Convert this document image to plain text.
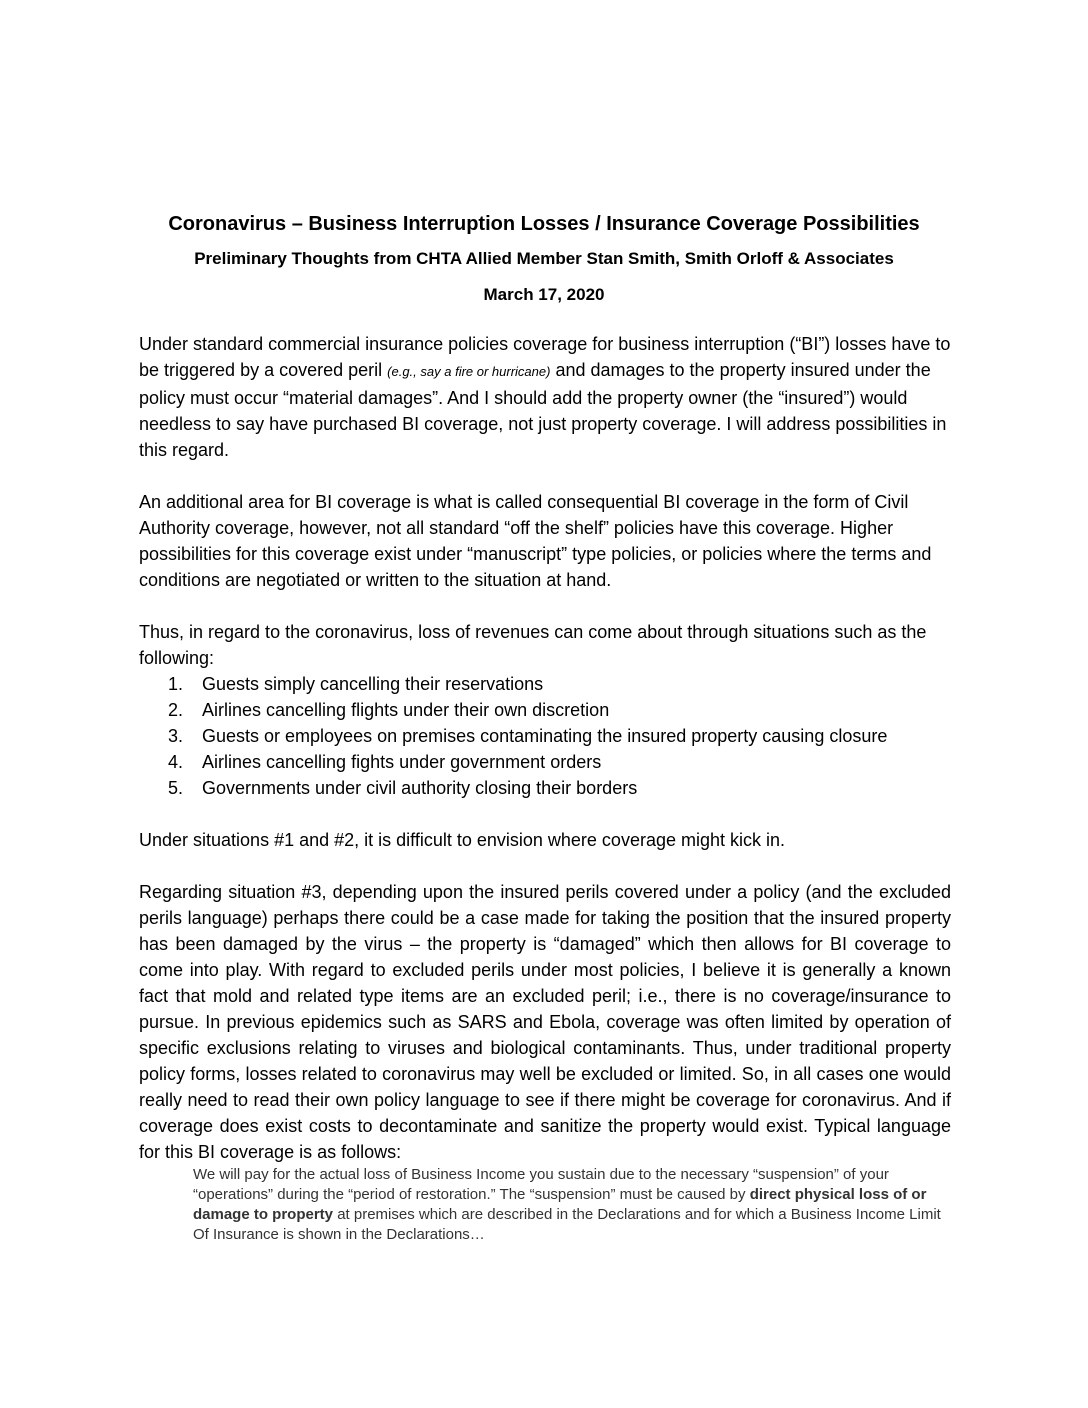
Coronavirus – Business Interruption Losses / Insurance Coverage Possibilities
Preliminary Thoughts from CHTA Allied Member Stan Smith, Smith Orloff & Associates
March 17, 2020

Under standard commercial insurance policies coverage for business interruption (“BI”) losses have to be triggered by a covered peril (e.g., say a fire or hurricane) and damages to the property insured under the policy must occur “material damages”. And I should add the property owner (the “insured”) would needless to say have purchased BI coverage, not just property coverage. I will address possibilities in this regard.

An additional area for BI coverage is what is called consequential BI coverage in the form of Civil Authority coverage, however, not all standard “off the shelf” policies have this coverage. Higher possibilities for this coverage exist under “manuscript” type policies, or policies where the terms and conditions are negotiated or written to the situation at hand.

Thus, in regard to the coronavirus, loss of revenues can come about through situations such as the following:

1. Guests simply cancelling their reservations
2. Airlines cancelling flights under their own discretion
3. Guests or employees on premises contaminating the insured property causing closure
4. Airlines cancelling fights under government orders
5. Governments under civil authority closing their borders

Under situations #1 and #2, it is difficult to envision where coverage might kick in.

Regarding situation #3, depending upon the insured perils covered under a policy (and the excluded perils language) perhaps there could be a case made for taking the position that the insured property has been damaged by the virus – the property is “damaged” which then allows for BI coverage to come into play. With regard to excluded perils under most policies, I believe it is generally a known fact that mold and related type items are an excluded peril; i.e., there is no coverage/insurance to pursue. In previous epidemics such as SARS and Ebola, coverage was often limited by operation of specific exclusions relating to viruses and biological contaminants. Thus, under traditional property policy forms, losses related to coronavirus may well be excluded or limited. So, in all cases one would really need to read their own policy language to see if there might be coverage for coronavirus. And if coverage does exist costs to decontaminate and sanitize the property would exist. Typical language for this BI coverage is as follows:

We will pay for the actual loss of Business Income you sustain due to the necessary “suspension” of your “operations” during the “period of restoration.” The “suspension” must be caused by direct physical loss of or damage to property at premises which are described in the Declarations and for which a Business Income Limit Of Insurance is shown in the Declarations…
